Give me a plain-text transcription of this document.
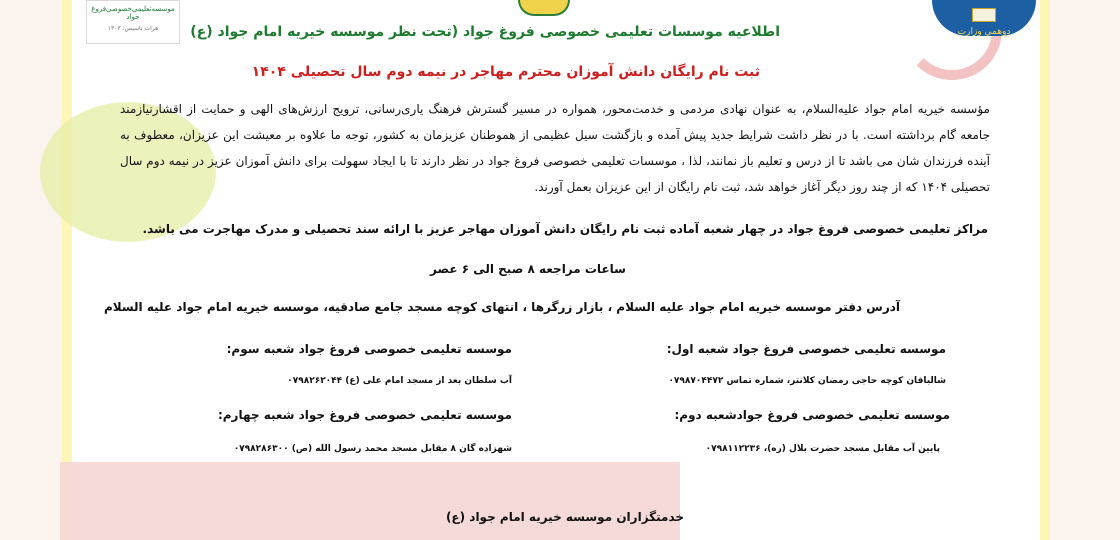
موسسه‌تعلیمی‌خصوصی‌فروغ جواد
هرات تاسیس: ۱۴۰۳	دوهمي وزارت

اطلاعیه موسسات تعلیمی خصوصی فروغ جواد (تحت نظر موسسه خیریه امام جواد (ع)

ثبت نام رایگان دانش آموزان محترم مهاجر در نیمه دوم سال تحصیلی ۱۴۰۴

مؤسسه خیریه امام جواد علیه‌السلام، به عنوان نهادی مردمی و خدمت‌محور، همواره در مسیر گسترش فرهنگ یاری‌رسانی، ترویج ارزش‌های الهی و حمایت از اقشارنیازمند جامعه گام برداشته است. با در نظر داشت شرایط جدید پیش آمده و بازگشت سیل عظیمی از هموطنان عزیزمان به کشور، توجه ما علاوه بر معیشت این عزیزان، معطوف به آینده فرزندان شان می باشد تا از درس و تعلیم باز نمانند، لذا ، موسسات تعلیمی خصوصی فروغ جواد در نظر دارند تا با ایجاد سهولت برای دانش آموزان عزیز در نیمه دوم سال تحصیلی ۱۴۰۴ که از چند روز دیگر آغاز خواهد شد، ثبت نام رایگان از این عزیزان بعمل آورند.

مراکز تعلیمی خصوصی فروغ جواد در چهار شعبه آماده ثبت نام رایگان دانش آموزان مهاجر عزیز با ارائه سند تحصیلی و مدرک مهاجرت می باشد.

ساعات مراجعه ۸ صبح الی ۶ عصر

آدرس دفتر موسسه خیریه امام جواد علیه السلام ، بازار زرگرها ، انتهای کوچه مسجد جامع صادقیه، موسسه خیریه امام جواد علیه السلام

موسسه تعلیمی خصوصی فروغ جواد شعبه اول:

شالبافان کوچه حاجی رمضان کلانتر، شماره تماس ۰۷۹۸۷۰۴۴۷۲

موسسه تعلیمی خصوصی فروغ جواد شعبه سوم:

آب سلطان بعد از مسجد امام علی (ع) ۰۷۹۸۲۶۲۰۴۴

موسسه تعلیمی خصوصی فروغ جوادشعبه دوم:

پایین آب مقابل مسجد حضرت بلال (ره)، ۰۷۹۸۱۱۲۲۳۶

موسسه تعلیمی خصوصی فروغ جواد شعبه چهارم:

شهزاده گان ۸ مقابل مسجد محمد رسول الله (ص) ۰۷۹۸۲۸۶۳۰۰

خدمتگزاران موسسه خیریه امام جواد (ع)
